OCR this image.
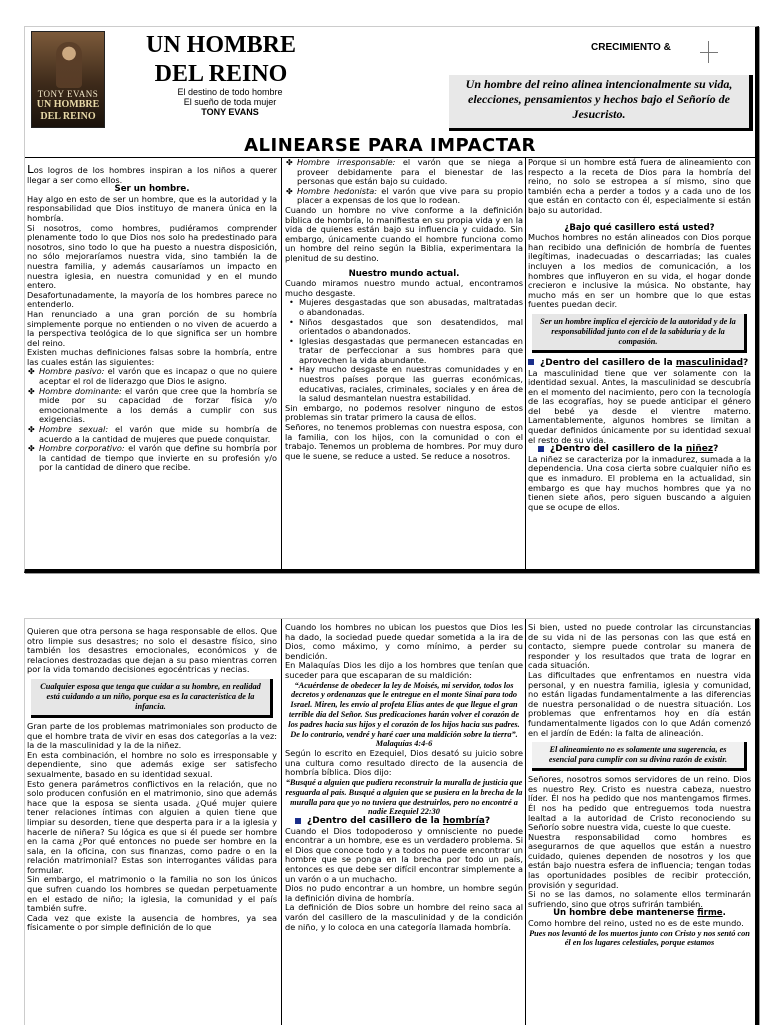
TONY EVANS
UN HOMBRE
DEL REINO
UN HOMBRE DEL REINO
El destino de todo hombre
El sueño de toda mujer
TONY EVANS
CRECIMIENTO &
Un hombre del reino alinea intencionalmente su vida, elecciones, pensamientos y hechos bajo el Señorío de Jesucristo.
ALINEARSE PARA IMPACTAR

Los logros de los hombres inspiran a los niños a querer llegar a ser como ellos.

Ser un hombre.

Hay algo en esto de ser un hombre, que es la autoridad y la responsabilidad que Dios instituyo de manera única en la hombría.

Si nosotros, como hombres, pudiéramos comprender plenamente todo lo que Dios nos solo ha predestinado para nosotros, sino todo lo que ha puesto a nuestra disposición, no sólo mejoraríamos nuestra vida, sino también la de nuestra familia, y además causaríamos un impacto en nuestra iglesia, en nuestra comunidad y en el mundo entero.

Desafortunadamente, la mayoría de los hombres parece no entenderlo.

Han renunciado a una gran porción de su hombría simplemente porque no entienden o no viven de acuerdo a la perspectiva teológica de lo que significa ser un hombre del reino.

Existen muchas definiciones falsas sobre la hombría, entre las cuales están las siguientes:

✤ Hombre pasivo: el varón que es incapaz o que no quiere aceptar el rol de liderazgo que Dios le asigno.
✤ Hombre dominante: el varón que cree que la hombría se mide por su capacidad de forzar física y/o emocionalmente a los demás a cumplir con sus exigencias.
✤ Hombre sexual: el varón que mide su hombría de acuerdo a la cantidad de mujeres que puede conquistar.
✤ Hombre corporativo: el varón que define su hombría por la cantidad de tiempo que invierte en su profesión y/o por la cantidad de dinero que recibe.
✤ Hombre irresponsable: el varón que se niega a proveer debidamente para el bienestar de las personas que están bajo su cuidado.
✤ Hombre hedonista: el varón que vive para su propio placer a expensas de los que lo rodean.

Cuando un hombre no vive conforme a la definición bíblica de hombría, lo manifiesta en su propia vida y en la vida de quienes están bajo su influencia y cuidado. Sin embargo, únicamente cuando el hombre funciona como un hombre del reino según la Biblia, experimentara la plenitud de su destino.

Nuestro mundo actual.

Cuando miramos nuestro mundo actual, encontramos mucho desgaste.

• Mujeres desgastadas que son abusadas, maltratadas o abandonadas.
• Niños desgastados que son desatendidos, mal orientados o abandonados.
• Iglesias desgastadas que permanecen estancadas en tratar de perfeccionar a sus hombres para que aprovechen la vida abundante.
• Hay mucho desgaste en nuestras comunidades y en nuestros países porque las guerras económicas, educativas, raciales, criminales, sociales y en área de la salud desmantelan nuestra estabilidad.

Sin embargo, no podemos resolver ninguno de estos problemas sin tratar primero la causa de ellos.

Señores, no tenemos problemas con nuestra esposa, con la familia, con los hijos, con la comunidad o con el trabajo. Tenemos un problema de hombres. Por muy duro que le suene, se reduce a usted. Se reduce a nosotros.

Porque si un hombre está fuera de alineamiento con respecto a la receta de Dios para la hombría del reino, no solo se estropea a sí mismo, sino que también echa a perder a todos y a cada uno de los que están en contacto con él, especialmente si están bajo su autoridad.

¿Bajo qué casillero está usted?

Muchos hombres no están alineados con Dios porque han recibido una definición de hombría de fuentes ilegítimas, inadecuadas o descarriadas; las cuales incluyen a los medios de comunicación, a los hombres que influyeron en su vida, el hogar donde crecieron e inclusive la música. No obstante, hay mucho más en ser un hombre que lo que estas fuentes puedan decir.

Ser un hombre implica el ejercicio de la autoridad y de la responsabilidad junto con el de la sabiduría y de la compasión.
¿Dentro del casillero de la masculinidad?

La masculinidad tiene que ver solamente con la identidad sexual. Antes, la masculinidad se descubría en el momento del nacimiento, pero con la tecnología de las ecografías, hoy se puede anticipar el género del bebé ya desde el vientre materno. Lamentablemente, algunos hombres se limitan a quedar definidos únicamente por su identidad sexual el resto de su vida.

¿Dentro del casillero de la niñez?

La niñez se caracteriza por la inmadurez, sumada a la dependencia. Una cosa cierta sobre cualquier niño es que es inmaduro. El problema en la actualidad, sin embargo es que hay muchos hombres que ya no tienen siete años, pero siguen buscando a alguien que se ocupe de ellos.

Quieren que otra persona se haga responsable de ellos. Que otro limpie sus desastres; no solo el desastre físico, sino también los desastres emocionales, económicos y de relaciones destrozadas que dejan a su paso mientras corren por la vida tomando decisiones egocéntricas y necias.

Cualquier esposa que tenga que cuidar a su hombre, en realidad está cuidando a un niño, porque esa es la característica de la infancia.

Gran parte de los problemas matrimoniales son producto de que el hombre trata de vivir en esas dos categorías a la vez: la de la masculinidad y la de la niñez.

En esta combinación, el hombre no solo es irresponsable y dependiente, sino que además exige ser satisfecho sexualmente, basado en su identidad sexual.

Esto genera parámetros conflictivos en la relación, que no solo producen confusión en el matrimonio, sino que además hace que la esposa se sienta usada. ¿Qué mujer quiere tener relaciones íntimas con alguien a quien tiene que limpiar su desorden, tiene que desperta para ir a la iglesia y hacerle de niñera? Su lógica es que si él puede ser hombre en la cama ¿Por qué entonces no puede ser hombre en la sala, en la oficina, con sus finanzas, como padre o en la relación matrimonial? Estas son interrogantes válidas para formular.

Sin embargo, el matrimonio o la familia no son los únicos que sufren cuando los hombres se quedan perpetuamente en el estado de niño; la iglesia, la comunidad y el país también sufre.

Cada vez que existe la ausencia de hombres, ya sea físicamente o por simple definición de lo que

Cuando los hombres no ubican los puestos que Dios les ha dado, la sociedad puede quedar sometida a la ira de Dios, como máximo, y como mínimo, a perder su bendición.

En Malaquías Dios les dijo a los hombres que tenían que suceder para que escaparan de su maldición:

“Acuérdense de obedecer la ley de Moisés, mi servidor, todos los decretos y ordenanzas que le entregue en el monte Sinaí para todo Israel. Miren, les envío al profeta Elías antes de que llegue el gran terrible día del Señor. Sus predicaciones harán volver el corazón de los padres hacia sus hijos y el corazón de los hijos hacia sus padres. De lo contrario, vendré y haré caer una maldición sobre la tierra”. Malaquías 4:4-6

Según lo escrito en Ezequiel, Dios desató su juicio sobre una cultura como resultado directo de la ausencia de hombría bíblica. Dios dijo:

“Busqué a alguien que pudiera reconstruir la muralla de justicia que resguarda al país. Busqué a alguien que se pusiera en la brecha de la muralla para que yo no tuviera que destruirlos, pero no encontré a nadie Ezequiel 22:30

¿Dentro del casillero de la hombría?

Cuando el Dios todopoderoso y omnisciente no puede encontrar a un hombre, ese es un verdadero problema. Si el Dios que conoce todo y a todos no puede encontrar un hombre que se ponga en la brecha por todo un país, entonces es que debe ser difícil encontrar simplemente a un varón o a un muchacho.

Dios no pudo encontrar a un hombre, un hombre según la definición divina de hombría.

La definición de Dios sobre un hombre del reino saca al varón del casillero de la masculinidad y de la condición de niño, y lo coloca en una categoría llamada hombría.

Si bien, usted no puede controlar las circunstancias de su vida ni de las personas con las que está en contacto, siempre puede controlar su manera de responder y los resultados que trata de lograr en cada situación.

Las dificultades que enfrentamos en nuestra vida personal, y en nuestra familia, iglesia y comunidad, no están ligadas fundamentalmente a las diferencias de nuestra personalidad o de nuestra situación. Los problemas que enfrentamos hoy en día están fundamentalmente ligados con lo que Adán comenzó en el jardín de Edén: la falta de alineación.

El alineamiento no es solamente una sugerencia, es esencial para cumplir con su divina razón de existir.

Señores, nosotros somos servidores de un reino. Dios es nuestro Rey. Cristo es nuestra cabeza, nuestro líder. Él nos ha pedido que nos mantengamos firmes. Él nos ha pedido que entreguemos toda nuestra lealtad a la autoridad de Cristo reconociendo su Señorío sobre nuestra vida, cueste lo que cueste.

Nuestra responsabilidad como hombres es asegurarnos de que aquellos que están a nuestro cuidado, quienes dependen de nosotros y los que están bajo nuestra esfera de influencia; tengan todas las oportunidades posibles de recibir protección, provisión y seguridad.

Si no se las damos, no solamente ellos terminarán sufriendo, sino que otros sufrirán también.

Un hombre debe mantenerse firme.

Como hombre del reino, usted no es de este mundo.

Pues nos levantó de los muertos junto con Cristo y nos sentó con él en los lugares celestiales, porque estamos
